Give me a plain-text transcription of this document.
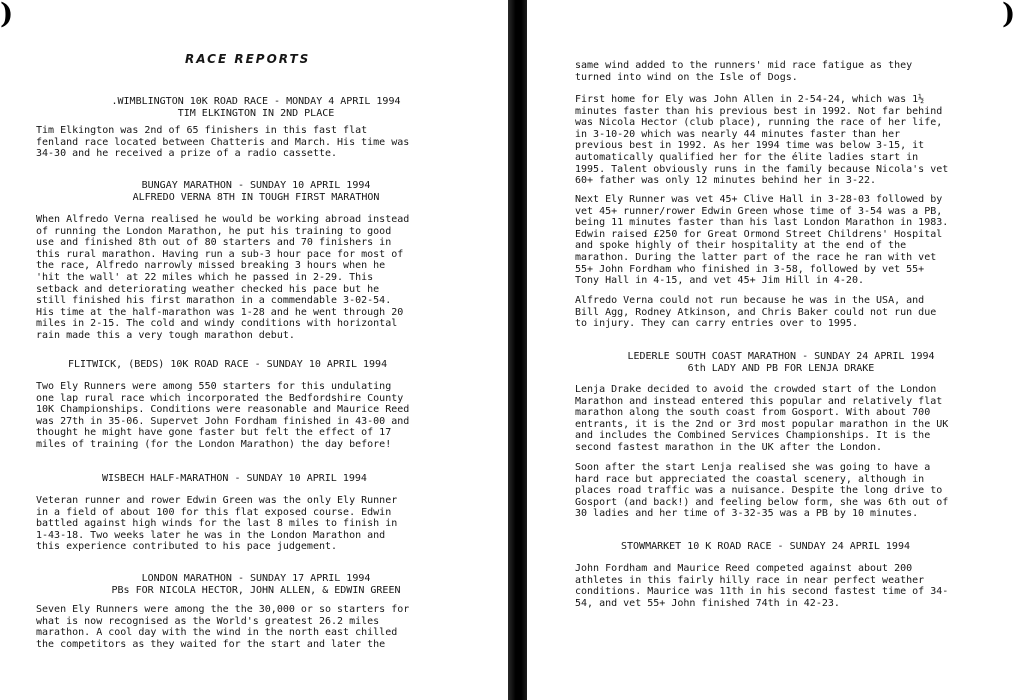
)
RACE REPORTS
.WIMBLINGTON 10K ROAD RACE - MONDAY 4 APRIL 1994
TIM ELKINGTON IN 2ND PLACE
Tim Elkington was 2nd of 65 finishers in this fast flat
fenland race located between Chatteris and March. His time was
34-30 and he received a prize of a radio cassette.
BUNGAY MARATHON - SUNDAY 10 APRIL 1994
ALFREDO VERNA 8TH IN TOUGH FIRST MARATHON
When Alfredo Verna realised he would be working abroad instead
of running the London Marathon, he put his training to good
use and finished 8th out of 80 starters and 70 finishers in
this rural marathon. Having run a sub-3 hour pace for most of
the race, Alfredo narrowly missed breaking 3 hours when he
'hit the wall' at 22 miles which he passed in 2-29. This
setback and deteriorating weather checked his pace but he
still finished his first marathon in a commendable 3-02-54.
His time at the half-marathon was 1-28 and he went through 20
miles in 2-15. The cold and windy conditions with horizontal
rain made this a very tough marathon debut.
FLITWICK, (BEDS) 10K ROAD RACE - SUNDAY 10 APRIL 1994
Two Ely Runners were among 550 starters for this undulating
one lap rural race which incorporated the Bedfordshire County
10K Championships. Conditions were reasonable and Maurice Reed
was 27th in 35-06. Supervet John Fordham finished in 43-00 and
thought he might have gone faster but felt the effect of 17
miles of training (for the London Marathon) the day before!
WISBECH HALF-MARATHON - SUNDAY 10 APRIL 1994
Veteran runner and rower Edwin Green was the only Ely Runner
in a field of about 100 for this flat exposed course. Edwin
battled against high winds for the last 8 miles to finish in
1-43-18. Two weeks later he was in the London Marathon and
this experience contributed to his pace judgement.
LONDON MARATHON - SUNDAY 17 APRIL 1994
PBs FOR NICOLA HECTOR, JOHN ALLEN, & EDWIN GREEN
Seven Ely Runners were among the the 30,000 or so starters for
what is now recognised as the World's greatest 26.2 miles
marathon. A cool day with the wind in the north east chilled
the competitors as they waited for the start and later the
same wind added to the runners' mid race fatigue as they
turned into wind on the Isle of Dogs.
First home for Ely was John Allen in 2-54-24, which was 1½
minutes faster than his previous best in 1992. Not far behind
was Nicola Hector (club place), running the race of her life,
in 3-10-20 which was nearly 44 minutes faster than her
previous best in 1992. As her 1994 time was below 3-15, it
automatically qualified her for the élite ladies start in
1995. Talent obviously runs in the family because Nicola's vet
60+ father was only 12 minutes behind her in 3-22.
Next Ely Runner was vet 45+ Clive Hall in 3-28-03 followed by
vet 45+ runner/rower Edwin Green whose time of 3-54 was a PB,
being 11 minutes faster than his last London Marathon in 1983.
Edwin raised £250 for Great Ormond Street Childrens' Hospital
and spoke highly of their hospitality at the end of the
marathon. During the latter part of the race he ran with vet
55+ John Fordham who finished in 3-58, followed by vet 55+
Tony Hall in 4-15, and vet 45+ Jim Hill in 4-20.
Alfredo Verna could not run because he was in the USA, and
Bill Agg, Rodney Atkinson, and Chris Baker could not run due
to injury. They can carry entries over to 1995.
LEDERLE SOUTH COAST MARATHON - SUNDAY 24 APRIL 1994
6th LADY AND PB FOR LENJA DRAKE
Lenja Drake decided to avoid the crowded start of the London
Marathon and instead entered this popular and relatively flat
marathon along the south coast from Gosport. With about 700
entrants, it is the 2nd or 3rd most popular marathon in the UK
and includes the Combined Services Championships. It is the
second fastest marathon in the UK after the London.
Soon after the start Lenja realised she was going to have a
hard race but appreciated the coastal scenery, although in
places road traffic was a nuisance. Despite the long drive to
Gosport (and back!) and feeling below form, she was 6th out of
30 ladies and her time of 3-32-35 was a PB by 10 minutes.
STOWMARKET 10 K ROAD RACE - SUNDAY 24 APRIL 1994
John Fordham and Maurice Reed competed against about 200
athletes in this fairly hilly race in near perfect weather
conditions. Maurice was 11th in his second fastest time of 34-
54, and vet 55+ John finished 74th in 42-23.
)
